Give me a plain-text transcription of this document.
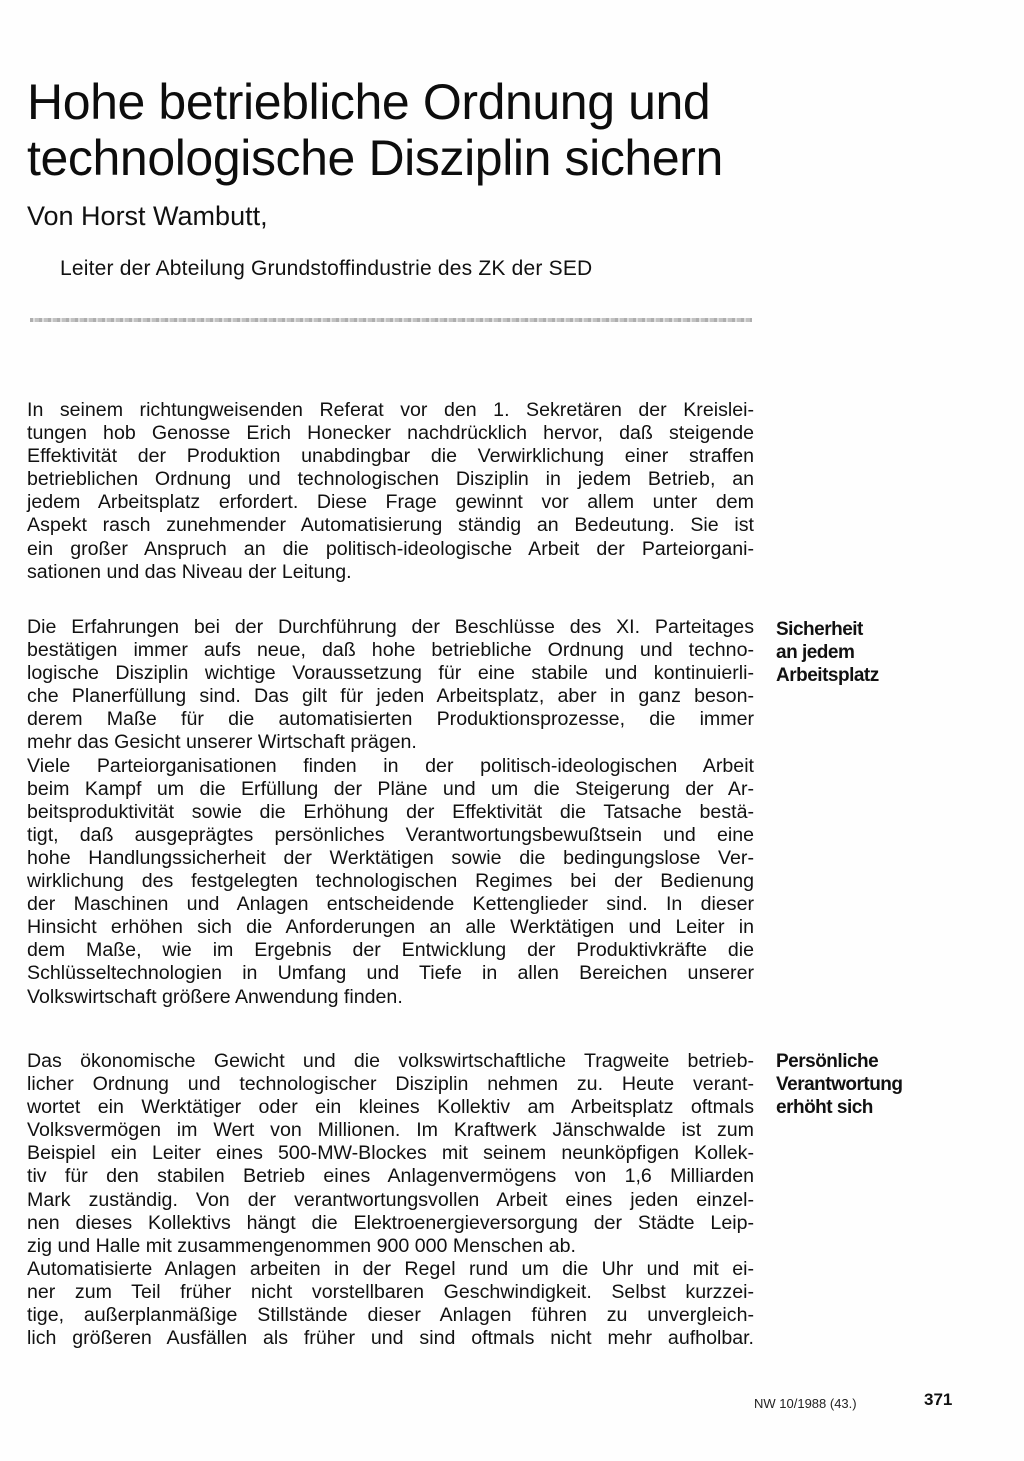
Hohe betriebliche Ordnung und
technologische Disziplin sichern
Von Horst Wambutt,
Leiter der Abteilung Grundstoffindustrie des ZK der SED

In seinem richtungweisenden Referat vor den 1. Sekretären der Kreislei-
tungen hob Genosse Erich Honecker nachdrücklich hervor, daß steigende
Effektivität der Produktion unabdingbar die Verwirklichung einer straffen
betrieblichen Ordnung und technologischen Disziplin in jedem Betrieb, an
jedem Arbeitsplatz erfordert. Diese Frage gewinnt vor allem unter dem
Aspekt rasch zunehmender Automatisierung ständig an Bedeutung. Sie ist
ein großer Anspruch an die politisch-ideologische Arbeit der Parteiorgani-
sationen und das Niveau der Leitung.

Die Erfahrungen bei der Durchführung der Beschlüsse des XI. Parteitages
bestätigen immer aufs neue, daß hohe betriebliche Ordnung und techno-
logische Disziplin wichtige Voraussetzung für eine stabile und kontinuierli-
che Planerfüllung sind. Das gilt für jeden Arbeitsplatz, aber in ganz beson-
derem Maße für die automatisierten Produktionsprozesse, die immer
mehr das Gesicht unserer Wirtschaft prägen.
Viele Parteiorganisationen finden in der politisch-ideologischen Arbeit
beim Kampf um die Erfüllung der Pläne und um die Steigerung der Ar-
beitsproduktivität sowie die Erhöhung der Effektivität die Tatsache bestä-
tigt, daß ausgeprägtes persönliches Verantwortungsbewußtsein und eine
hohe Handlungssicherheit der Werktätigen sowie die bedingungslose Ver-
wirklichung des festgelegten technologischen Regimes bei der Bedienung
der Maschinen und Anlagen entscheidende Kettenglieder sind. In dieser
Hinsicht erhöhen sich die Anforderungen an alle Werktätigen und Leiter in
dem Maße, wie im Ergebnis der Entwicklung der Produktivkräfte die
Schlüsseltechnologien in Umfang und Tiefe in allen Bereichen unserer
Volkswirtschaft größere Anwendung finden.

Das ökonomische Gewicht und die volkswirtschaftliche Tragweite betrieb-
licher Ordnung und technologischer Disziplin nehmen zu. Heute verant-
wortet ein Werktätiger oder ein kleines Kollektiv am Arbeitsplatz oftmals
Volksvermögen im Wert von Millionen. Im Kraftwerk Jänschwalde ist zum
Beispiel ein Leiter eines 500-MW-Blockes mit seinem neunköpfigen Kollek-
tiv für den stabilen Betrieb eines Anlagenvermögens von 1,6 Milliarden
Mark zuständig. Von der verantwortungsvollen Arbeit eines jeden einzel-
nen dieses Kollektivs hängt die Elektroenergieversorgung der Städte Leip-
zig und Halle mit zusammengenommen 900 000 Menschen ab.
Automatisierte Anlagen arbeiten in der Regel rund um die Uhr und mit ei-
ner zum Teil früher nicht vorstellbaren Geschwindigkeit. Selbst kurzzei-
tige, außerplanmäßige Stillstände dieser Anlagen führen zu unvergleich-
lich größeren Ausfällen als früher und sind oftmals nicht mehr aufholbar.

Sicherheit
an jedem
Arbeitsplatz
Persönliche
Verantwortung
erhöht sich
NW 10/1988 (43.)	371
